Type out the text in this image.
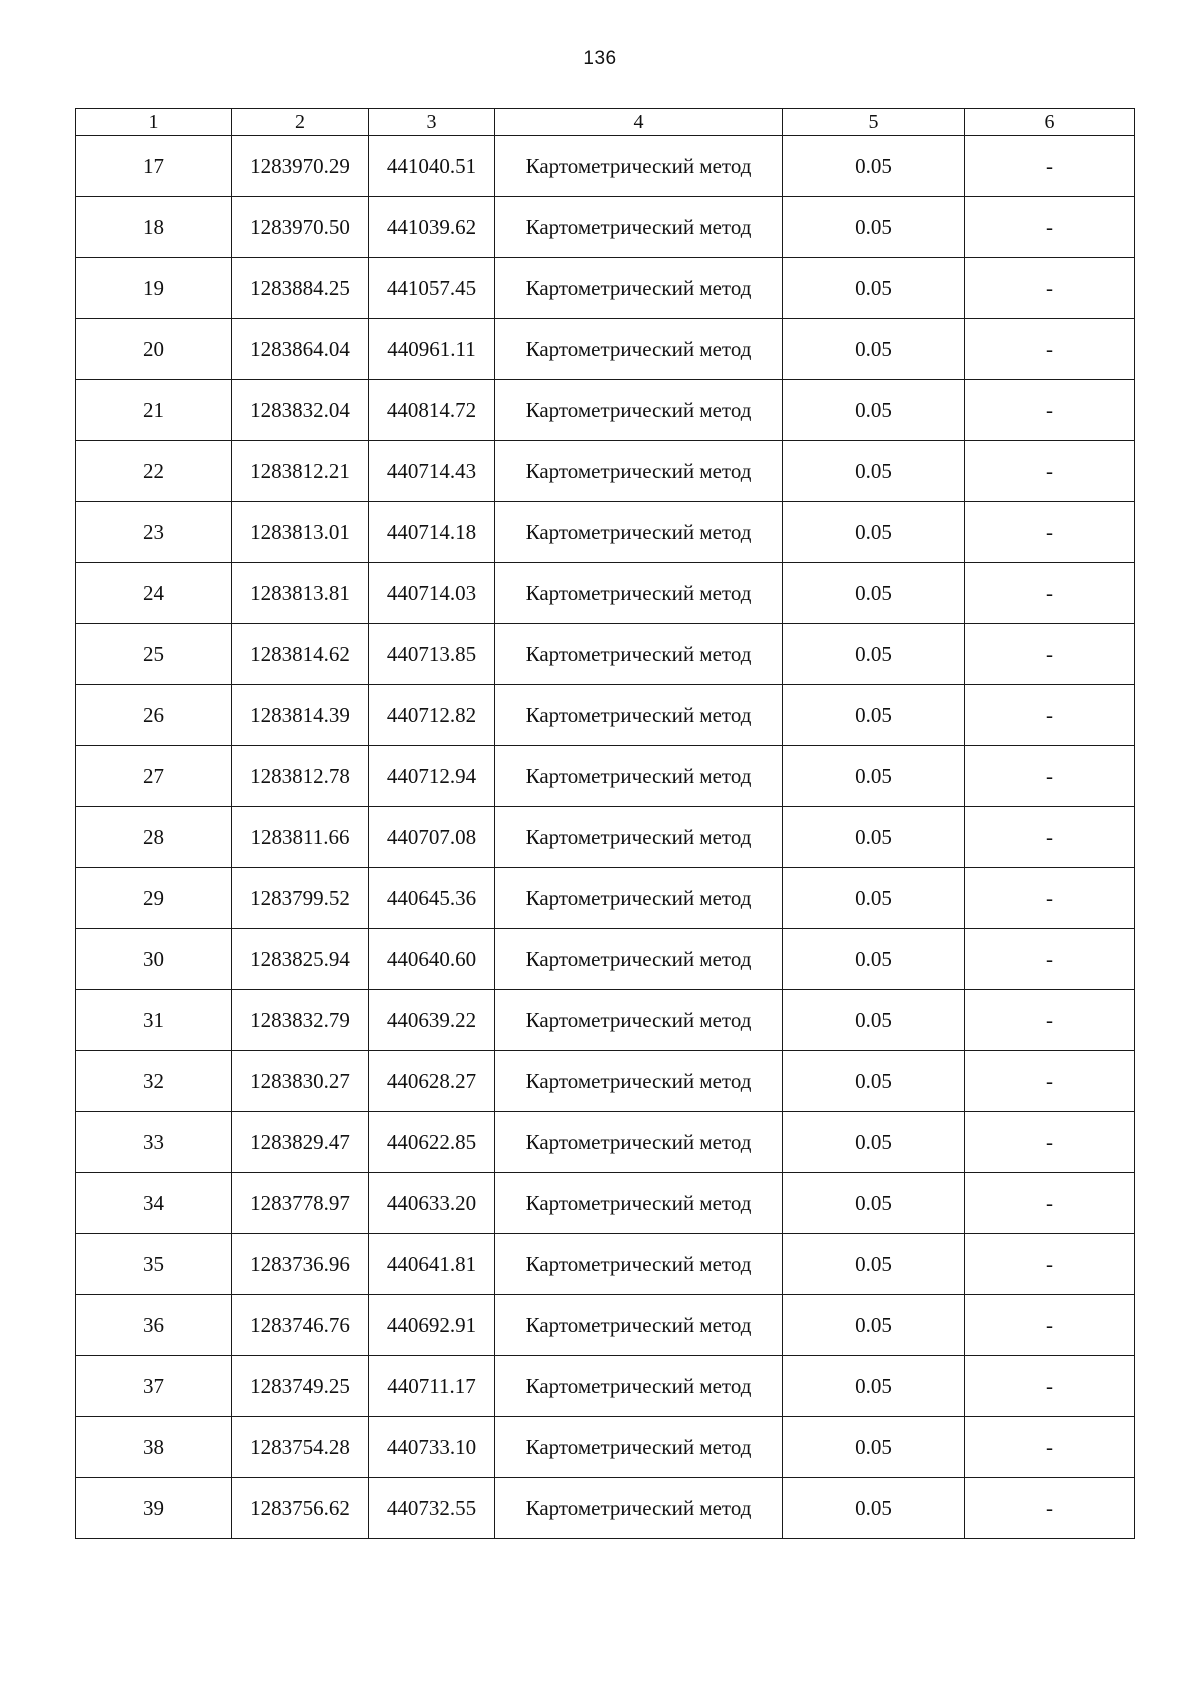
136
1	2	3	4	5	6
17	1283970.29	441040.51	Картометрический метод	0.05	-
18	1283970.50	441039.62	Картометрический метод	0.05	-
19	1283884.25	441057.45	Картометрический метод	0.05	-
20	1283864.04	440961.11	Картометрический метод	0.05	-
21	1283832.04	440814.72	Картометрический метод	0.05	-
22	1283812.21	440714.43	Картометрический метод	0.05	-
23	1283813.01	440714.18	Картометрический метод	0.05	-
24	1283813.81	440714.03	Картометрический метод	0.05	-
25	1283814.62	440713.85	Картометрический метод	0.05	-
26	1283814.39	440712.82	Картометрический метод	0.05	-
27	1283812.78	440712.94	Картометрический метод	0.05	-
28	1283811.66	440707.08	Картометрический метод	0.05	-
29	1283799.52	440645.36	Картометрический метод	0.05	-
30	1283825.94	440640.60	Картометрический метод	0.05	-
31	1283832.79	440639.22	Картометрический метод	0.05	-
32	1283830.27	440628.27	Картометрический метод	0.05	-
33	1283829.47	440622.85	Картометрический метод	0.05	-
34	1283778.97	440633.20	Картометрический метод	0.05	-
35	1283736.96	440641.81	Картометрический метод	0.05	-
36	1283746.76	440692.91	Картометрический метод	0.05	-
37	1283749.25	440711.17	Картометрический метод	0.05	-
38	1283754.28	440733.10	Картометрический метод	0.05	-
39	1283756.62	440732.55	Картометрический метод	0.05	-
